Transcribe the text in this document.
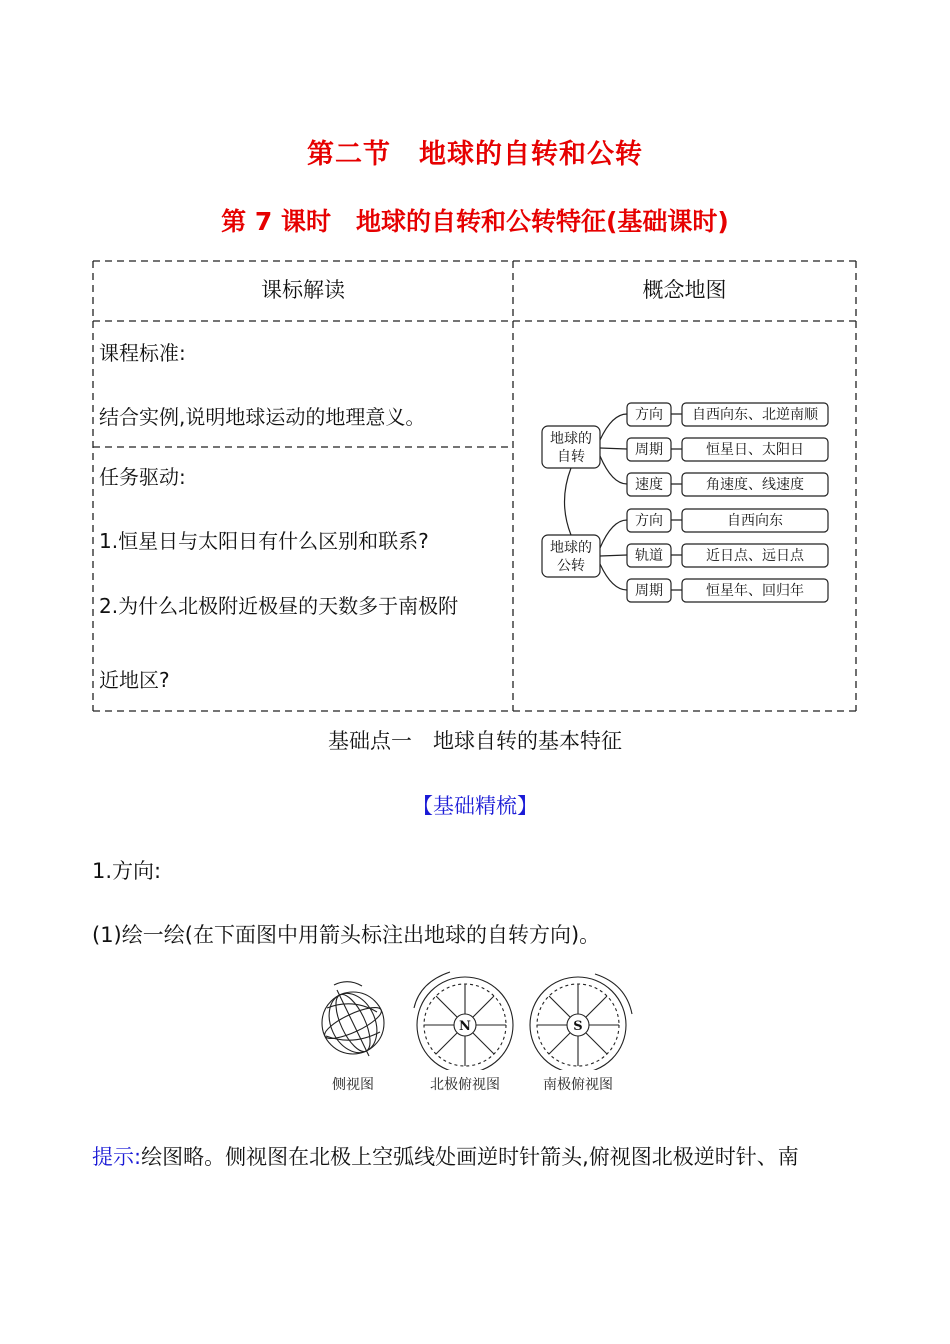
第二节　地球的自转和公转
第 7 课时　地球的自转和公转特征(基础课时)
课标解读	概念地图
课程标准:
结合实例,说明地球运动的地理意义。
任务驱动:
1.恒星日与太阳日有什么区别和联系?
2.为什么北极附近极昼的天数多于南极附
近地区?
地球的
自转
地球的
公转
方向
周期
速度
方向
轨道
周期
自西向东、北逆南顺
恒星日、太阳日
角速度、线速度
自西向东
近日点、远日点
恒星年、回归年
基础点一　地球自转的基本特征
【基础精梳】
1.方向:
(1)绘一绘(在下面图中用箭头标注出地球的自转方向)。
N	S
侧视图	北极俯视图	南极俯视图
提示:绘图略。侧视图在北极上空弧线处画逆时针箭头,俯视图北极逆时针、南
